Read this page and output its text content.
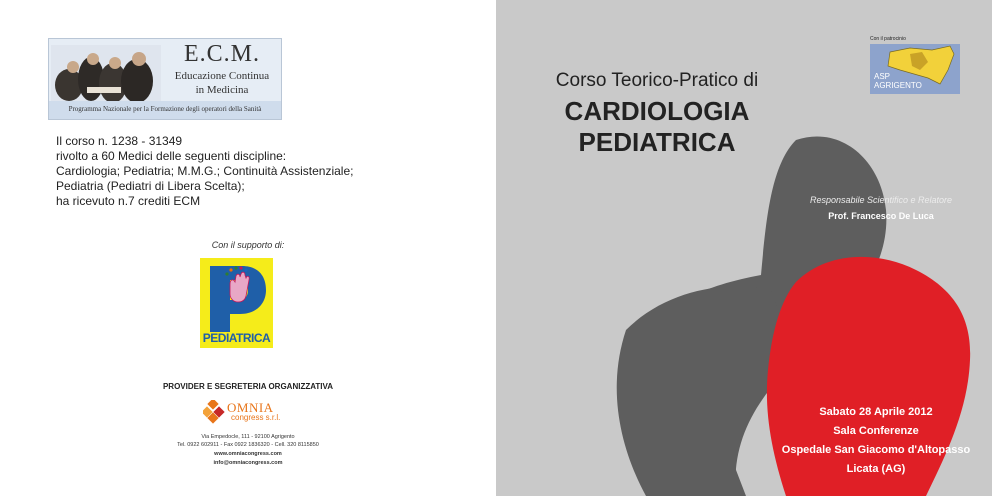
E.C.M.
Educazione Continua
in Medicina
Programma Nazionale per la Formazione degli operatori della Sanità
Il corso n. 1238 - 31349
rivolto a 60 Medici delle seguenti discipline:
Cardiologia; Pediatria; M.M.G.; Continuità Assistenziale;
Pediatria (Pediatri di Libera Scelta);
ha ricevuto n.7 crediti ECM
Con il supporto di:
PEDIATRICA
PROVIDER E SEGRETERIA ORGANIZZATIVA
OMNIA
congress s.r.l.
Via Empedocle, 111 - 92100 Agrigento
Tel. 0922 602911 - Fax 0922 1836320 - Cell. 320 8115850
www.omniacongress.com
info@omniacongress.com
Corso Teorico-Pratico di
CARDIOLOGIA
PEDIATRICA
Con il patrocinio
ASP
AGRIGENTO
Responsabile Scientifico e Relatore
Prof. Francesco De Luca
Sabato 28 Aprile 2012
Sala Conferenze
Ospedale San Giacomo d'Altopasso
Licata (AG)
